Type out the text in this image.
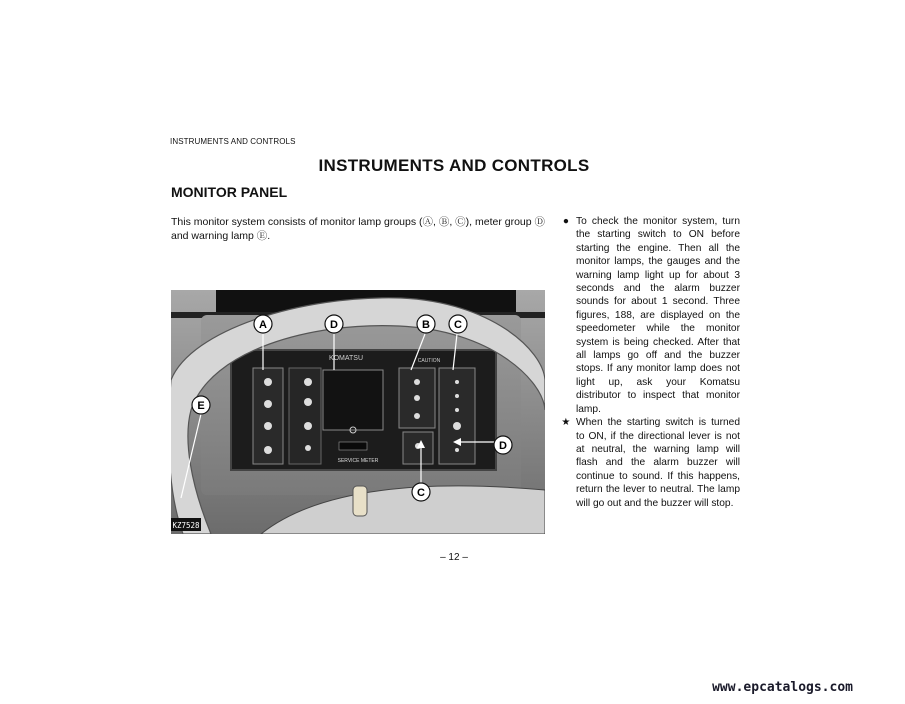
INSTRUMENTS AND CONTROLS
INSTRUMENTS AND CONTROLS
MONITOR PANEL
This monitor system consists of monitor lamp groups (Ⓐ, Ⓑ, Ⓒ), meter group Ⓓ and warning lamp Ⓔ.
KOMATSU	CAUTION
SERVICE METER
A	D	B C
E
D
C
KZ7528
● To check the monitor system, turn the starting switch to ON before starting the engine. Then all the monitor lamps, the gauges and the warning lamp light up for about 3 seconds and the alarm buzzer sounds for about 1 second. Three figures, 188, are displayed on the speedometer while the monitor system is being checked. After that all lamps go off and the buzzer stops. If any monitor lamp does not light up, ask your Komatsu distributor to inspect that monitor lamp.
★ When the starting switch is turned to ON, if the directional lever is not at neutral, the warning lamp will flash and the alarm buzzer will continue to sound. If this happens, return the lever to neutral. The lamp will go out and the buzzer will stop.
– 12 –
www.epcatalogs.com
